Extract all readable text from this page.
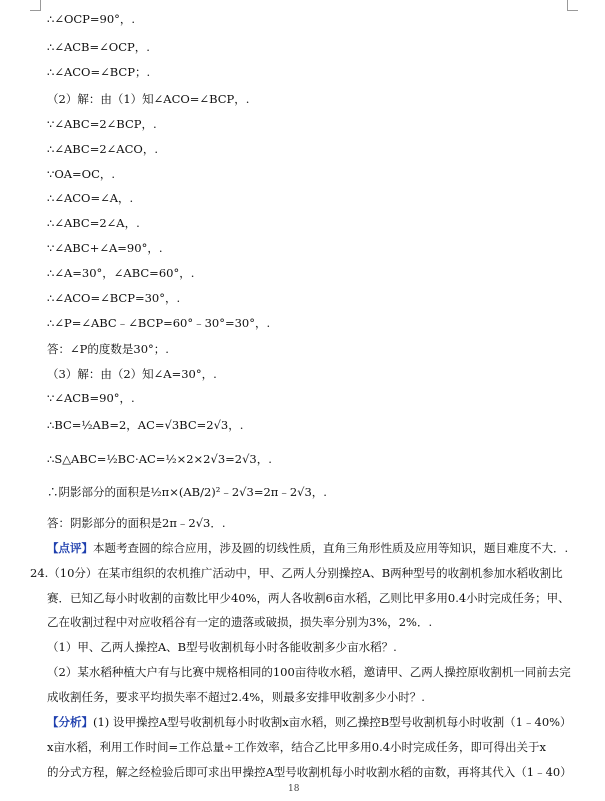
∴∠OCP=90°，.
∴∠ACB=∠OCP，.
∴∠ACO=∠BCP；.
（2）解：由（1）知∠ACO=∠BCP，.
∵∠ABC=2∠BCP，.
∴∠ABC=2∠ACO，.
∵OA=OC，.
∴∠ACO=∠A，.
∴∠ABC=2∠A，.
∵∠ABC+∠A=90°，.
∴∠A=30°，∠ABC=60°，.
∴∠ACO=∠BCP=30°，.
∴∠P=∠ABC﹣∠BCP=60°﹣30°=30°，.
答：∠P的度数是30°；.
（3）解：由（2）知∠A=30°，.
∵∠ACB=90°，.
∴BC=½AB=2，AC=√3BC=2√3，.
∴S△ABC=½BC·AC=½×2×2√3=2√3，.
∴阴影部分的面积是½π×(AB/2)²﹣2√3=2π﹣2√3，.
答：阴影部分的面积是2π﹣2√3．.
【点评】本题考查圆的综合应用，涉及圆的切线性质，直角三角形性质及应用等知识，题目难度不大．.
24.（10分）在某市组织的农机推广活动中，甲、乙两人分别操控A、B两种型号的收割机参加水稻收割比
赛．已知乙每小时收割的亩数比甲少40%，两人各收割6亩水稻，乙则比甲多用0.4小时完成任务；甲、
乙在收割过程中对应收稻谷有一定的遗落或破损，损失率分别为3%，2%．.
（1）甲、乙两人操控A、B型号收割机每小时各能收割多少亩水稻？.
（2）某水稻种植大户有与比赛中规格相同的100亩待收水稻，邀请甲、乙两人操控原收割机一同前去完
成收割任务，要求平均损失率不超过2.4%，则最多安排甲收割多少小时？.
【分析】(1) 设甲操控A型号收割机每小时收割x亩水稻，则乙操控B型号收割机每小时收割（1﹣40%）
x亩水稻，利用工作时间=工作总量÷工作效率，结合乙比甲多用0.4小时完成任务，即可得出关于x
的分式方程，解之经检验后即可求出甲操控A型号收割机每小时收割水稻的亩数，再将其代入（1﹣40）
18
